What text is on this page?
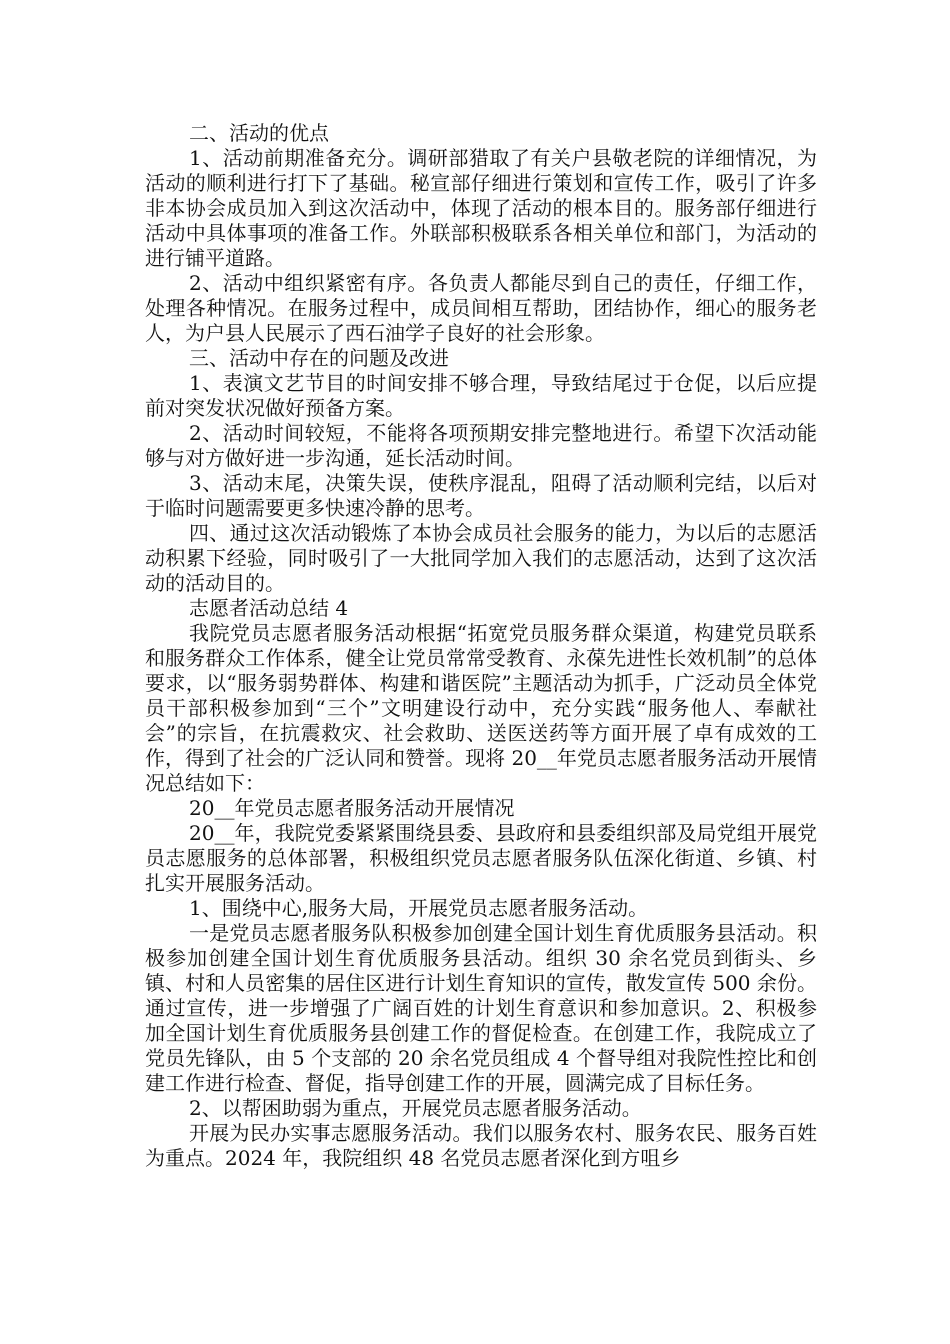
二、活动的优点

1、活动前期准备充分。调研部猎取了有关户县敬老院的详细情况，为活动的顺利进行打下了基础。秘宣部仔细进行策划和宣传工作，吸引了许多非本协会成员加入到这次活动中，体现了活动的根本目的。服务部仔细进行活动中具体事项的准备工作。外联部积极联系各相关单位和部门，为活动的进行铺平道路。

2、活动中组织紧密有序。各负责人都能尽到自己的责任，仔细工作，处理各种情况。在服务过程中，成员间相互帮助，团结协作，细心的服务老人，为户县人民展示了西石油学子良好的社会形象。

三、活动中存在的问题及改进

1、表演文艺节目的时间安排不够合理，导致结尾过于仓促，以后应提前对突发状况做好预备方案。

2、活动时间较短，不能将各项预期安排完整地进行。希望下次活动能够与对方做好进一步沟通，延长活动时间。

3、活动末尾，决策失误，使秩序混乱，阻碍了活动顺利完结，以后对于临时问题需要更多快速冷静的思考。

四、通过这次活动锻炼了本协会成员社会服务的能力，为以后的志愿活动积累下经验，同时吸引了一大批同学加入我们的志愿活动，达到了这次活动的活动目的。

志愿者活动总结 4

我院党员志愿者服务活动根据“拓宽党员服务群众渠道，构建党员联系和服务群众工作体系，健全让党员常常受教育、永葆先进性长效机制”的总体要求，以“服务弱势群体、构建和谐医院”主题活动为抓手，广泛动员全体党员干部积极参加到“三个”文明建设行动中，充分实践“服务他人、奉献社会”的宗旨，在抗震救灾、社会救助、送医送药等方面开展了卓有成效的工作，得到了社会的广泛认同和赞誉。现将 20__年党员志愿者服务活动开展情况总结如下：

20__年党员志愿者服务活动开展情况

20__年，我院党委紧紧围绕县委、县政府和县委组织部及局党组开展党员志愿服务的总体部署，积极组织党员志愿者服务队伍深化街道、乡镇、村扎实开展服务活动。

1、围绕中心,服务大局，开展党员志愿者服务活动。

一是党员志愿者服务队积极参加创建全国计划生育优质服务县活动。积极参加创建全国计划生育优质服务县活动。组织 30 余名党员到街头、乡镇、村和人员密集的居住区进行计划生育知识的宣传，散发宣传 500 余份。通过宣传，进一步增强了广阔百姓的计划生育意识和参加意识。2、积极参加全国计划生育优质服务县创建工作的督促检查。在创建工作，我院成立了党员先锋队，由 5 个支部的 20 余名党员组成 4 个督导组对我院性控比和创建工作进行检查、督促，指导创建工作的开展，圆满完成了目标任务。

2、以帮困助弱为重点，开展党员志愿者服务活动。

开展为民办实事志愿服务活动。我们以服务农村、服务农民、服务百姓为重点。2024 年，我院组织 48 名党员志愿者深化到方咀乡
